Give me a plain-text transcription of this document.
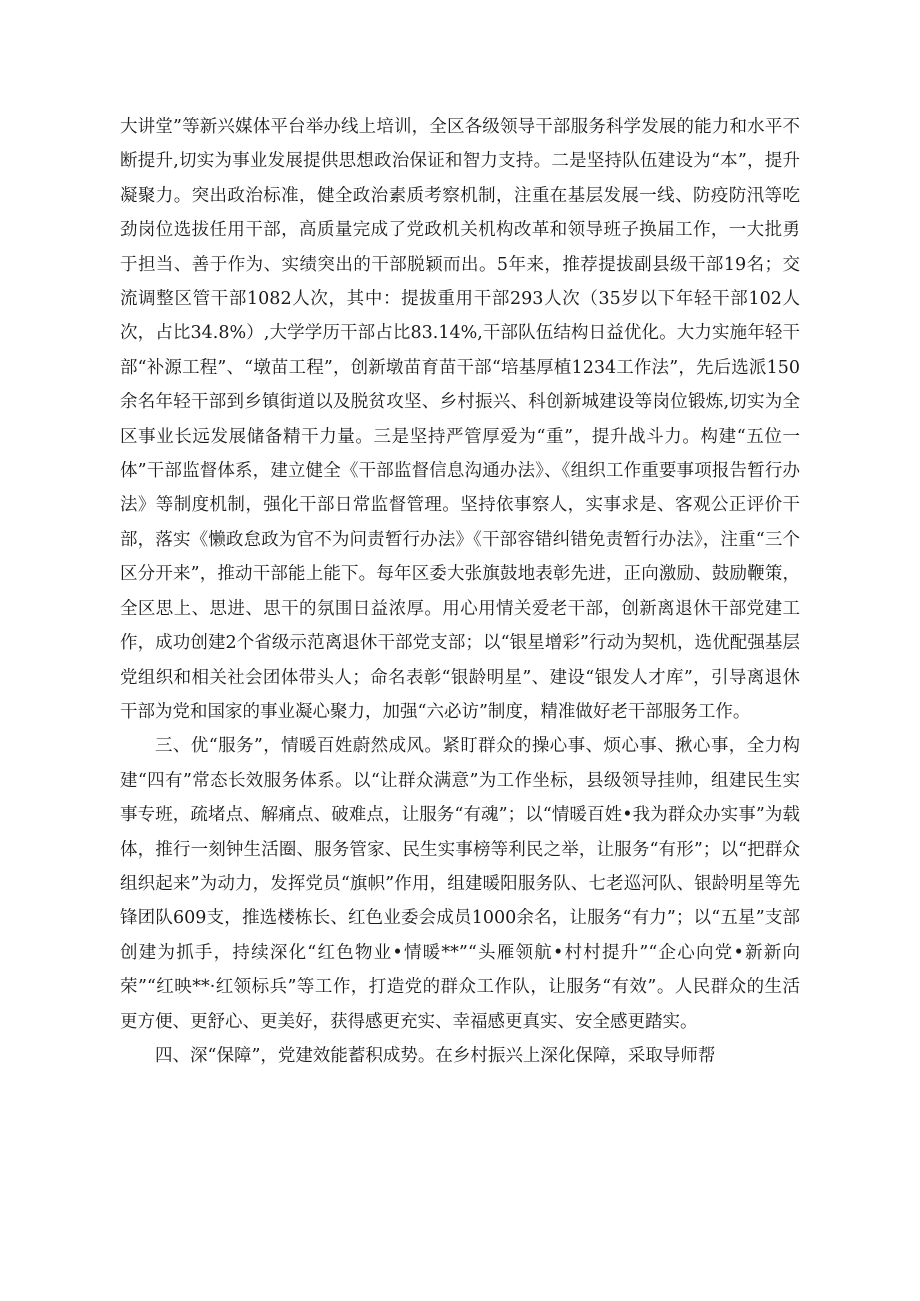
大讲堂”等新兴媒体平台举办线上培训，全区各级领导干部服务科学发展的能力和水平不断提升,切实为事业发展提供思想政治保证和智力支持。二是坚持队伍建设为“本”，提升凝聚力。突出政治标准，健全政治素质考察机制，注重在基层发展一线、防疫防汛等吃劲岗位选拔任用干部，高质量完成了党政机关机构改革和领导班子换届工作，一大批勇于担当、善于作为、实绩突出的干部脱颖而出。5年来，推荐提拔副县级干部19名；交流调整区管干部1082人次，其中：提拔重用干部293人次（35岁以下年轻干部102人次，占比34.8%）,大学学历干部占比83.14%,干部队伍结构日益优化。大力实施年轻干部“补源工程”、“墩苗工程”，创新墩苗育苗干部“培基厚植1234工作法”，先后选派150余名年轻干部到乡镇街道以及脱贫攻坚、乡村振兴、科创新城建设等岗位锻炼,切实为全区事业长远发展储备精干力量。三是坚持严管厚爱为“重”，提升战斗力。构建“五位一体”干部监督体系，建立健全《干部监督信息沟通办法》、《组织工作重要事项报告暂行办法》等制度机制，强化干部日常监督管理。坚持依事察人，实事求是、客观公正评价干部，落实《懒政怠政为官不为问责暂行办法》《干部容错纠错免责暂行办法》，注重“三个区分开来”，推动干部能上能下。每年区委大张旗鼓地表彰先进，正向激励、鼓励鞭策，全区思上、思进、思干的氛围日益浓厚。用心用情关爱老干部，创新离退休干部党建工作，成功创建2个省级示范离退休干部党支部；以“银星增彩”行动为契机，选优配强基层党组织和相关社会团体带头人；命名表彰“银龄明星”、建设“银发人才库”，引导离退休干部为党和国家的事业凝心聚力，加强“六必访”制度，精准做好老干部服务工作。

三、优“服务”，情暖百姓蔚然成风。紧盯群众的操心事、烦心事、揪心事，全力构建“四有”常态长效服务体系。以“让群众满意”为工作坐标，县级领导挂帅，组建民生实事专班，疏堵点、解痛点、破难点，让服务“有魂”；以“情暖百姓•我为群众办实事”为载体，推行一刻钟生活圈、服务管家、民生实事榜等利民之举，让服务“有形”；以“把群众组织起来”为动力，发挥党员“旗帜”作用，组建暖阳服务队、七老巡河队、银龄明星等先锋团队609支，推选楼栋长、红色业委会成员1000余名，让服务“有力”；以“五星”支部创建为抓手，持续深化“红色物业•情暖**”“头雁领航•村村提升”“企心向党•新新向荣”“红映**·红领标兵”等工作，打造党的群众工作队，让服务“有效”。人民群众的生活更方便、更舒心、更美好，获得感更充实、幸福感更真实、安全感更踏实。

四、深“保障”，党建效能蓄积成势。在乡村振兴上深化保障，采取导师帮
